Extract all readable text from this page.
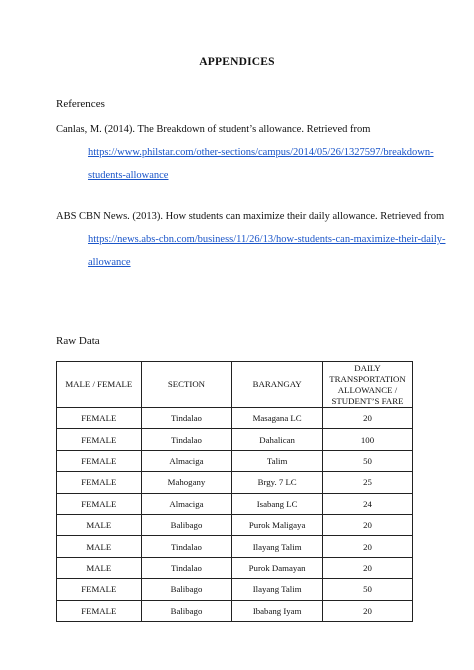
APPENDICES
References
Canlas, M. (2014). The Breakdown of student’s allowance. Retrieved from
https://www.philstar.com/other-sections/campus/2014/05/26/1327597/breakdown-
students-allowance
ABS CBN News. (2013). How students can maximize their daily allowance. Retrieved from
https://news.abs-cbn.com/business/11/26/13/how-students-can-maximize-their-daily-
allowance
Raw Data
MALE / FEMALE	SECTION	BARANGAY	DAILY TRANSPORTATION ALLOWANCE / STUDENT’S FARE
FEMALE	Tindalao	Masagana LC	20
FEMALE	Tindalao	Dahalican	100
FEMALE	Almaciga	Talim	50
FEMALE	Mahogany	Brgy. 7 LC	25
FEMALE	Almaciga	Isabang LC	24
MALE	Balibago	Purok Maligaya	20
MALE	Tindalao	Ilayang Talim	20
MALE	Tindalao	Purok Damayan	20
FEMALE	Balibago	Ilayang Talim	50
FEMALE	Balibago	Ibabang Iyam	20
